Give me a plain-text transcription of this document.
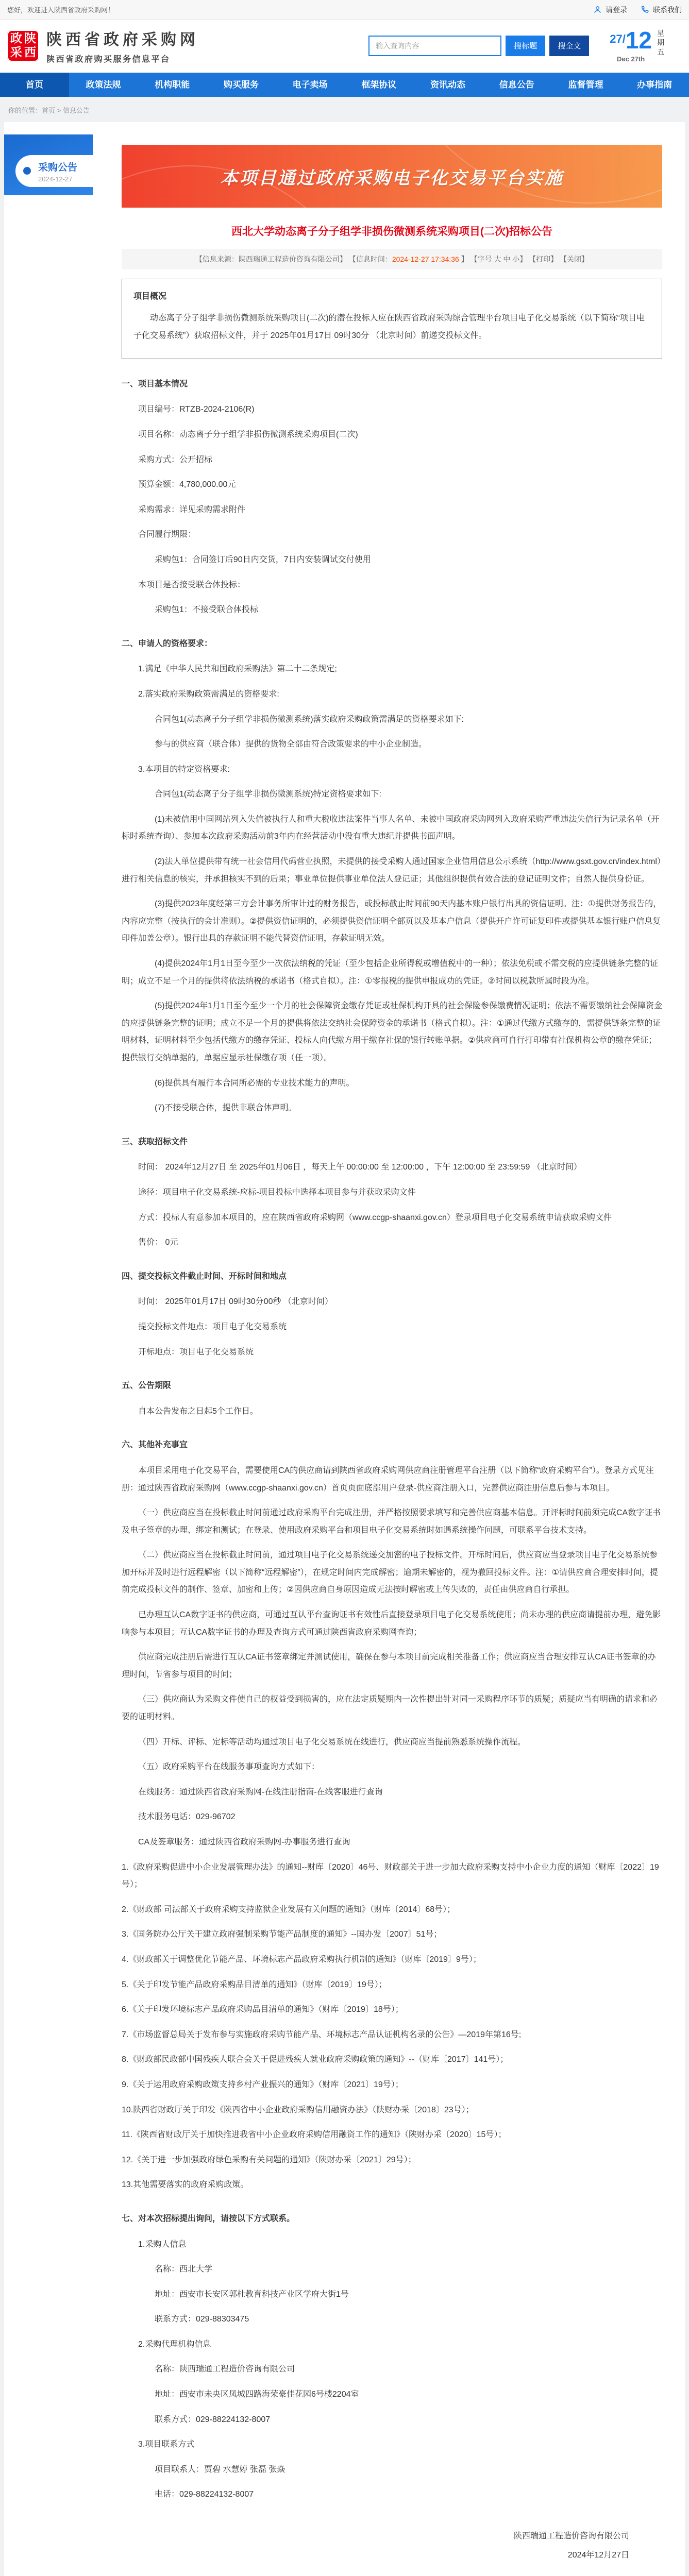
您好，欢迎进入陕西省政府采购网！	请登录	联系我们
政 陕
采 西
陕西省政府采购网
陕西省政府购买服务信息平台
输入查询内容
搜标题	搜全文
27/12
Dec 27th
星期五
首页	政策法规	机构职能	购买服务	电子卖场	框架协议	资讯动态	信息公告	监督管理	办事指南
你的位置：首页 > 信息公告
采购公告
2024-12-27	本项目通过政府采购电子化交易平台实施
西北大学动态离子分子组学非损伤微测系统采购项目(二次)招标公告
【信息来源：陕西瑞通工程造价咨询有限公司】 【信息时间：2024-12-27 17:34:36 】 【字号 大 中 小】 【打印】 【关闭】
项目概况
动态离子分子组学非损伤微测系统采购项目(二次)的潜在投标人应在陕西省政府采购综合管理平台项目电子化交易系统（以下简称“项目电子化交易系统”）获取招标文件，并于 2025年01月17日 09时30分 （北京时间）前递交投标文件。
一、项目基本情况
项目编号：RTZB-2024-2106(R)
项目名称：动态离子分子组学非损伤微测系统采购项目(二次)
采购方式：公开招标
预算金额：4,780,000.00元
采购需求：详见采购需求附件
合同履行期限：
采购包1：合同签订后90日内交货，7日内安装调试交付使用
本项目是否接受联合体投标：
采购包1：不接受联合体投标
二、申请人的资格要求：
1.满足《中华人民共和国政府采购法》第二十二条规定;
2.落实政府采购政策需满足的资格要求:
合同包1(动态离子分子组学非损伤微测系统)落实政府采购政策需满足的资格要求如下:
参与的供应商（联合体）提供的货物全部由符合政策要求的中小企业制造。
3.本项目的特定资格要求:
合同包1(动态离子分子组学非损伤微测系统)特定资格要求如下:
(1)未被信用中国网站列入失信被执行人和重大税收违法案件当事人名单、未被中国政府采购网列入政府采购严重违法失信行为记录名单（开标时系统查询）、参加本次政府采购活动前3年内在经营活动中没有重大违纪并提供书面声明。
(2)法人单位提供带有统一社会信用代码营业执照，未提供的接受采购人通过国家企业信用信息公示系统（http://www.gsxt.gov.cn/index.html）进行相关信息的核实，并承担核实不到的后果；事业单位提供事业单位法人登记证；其他组织提供有效合法的登记证明文件；自然人提供身份证。
(3)提供2023年度经第三方会计事务所审计过的财务报告，或投标截止时间前90天内基本账户银行出具的资信证明。注：①提供财务报告的，内容应完整（按执行的会计准则）。②提供资信证明的，必须提供资信证明全部页以及基本户信息（提供开户许可证复印件或提供基本银行账户信息复印件加盖公章）。银行出具的存款证明不能代替资信证明，存款证明无效。
(4)提供2024年1月1日至今至少一次依法纳税的凭证（至少包括企业所得税或增值税中的一种）；依法免税或不需交税的应提供链条完整的证明；成立不足一个月的提供将依法纳税的承诺书（格式自拟）。注：①零报税的提供申报成功的凭证。②时间以税款所属时段为准。
(5)提供2024年1月1日至今至少一个月的社会保障资金缴存凭证或社保机构开具的社会保险参保缴费情况证明；依法不需要缴纳社会保障资金的应提供链条完整的证明；成立不足一个月的提供将依法交纳社会保障资金的承诺书（格式自拟）。注：①通过代缴方式缴存的，需提供链条完整的证明材料，证明材料至少包括代缴方的缴存凭证、投标人向代缴方用于缴存社保的银行转账单据。②供应商可自行打印带有社保机构公章的缴存凭证；提供银行交纳单据的，单据应显示社保缴存项（任一项）。
(6)提供具有履行本合同所必需的专业技术能力的声明。
(7)不接受联合体，提供非联合体声明。
三、获取招标文件
时间： 2024年12月27日 至 2025年01月06日 ，每天上午 00:00:00 至 12:00:00 ，下午 12:00:00 至 23:59:59 （北京时间）
途径：项目电子化交易系统-应标-项目投标中选择本项目参与并获取采购文件
方式：投标人有意参加本项目的，应在陕西省政府采购网（www.ccgp-shaanxi.gov.cn）登录项目电子化交易系统申请获取采购文件
售价： 0元
四、提交投标文件截止时间、开标时间和地点
时间： 2025年01月17日 09时30分00秒 （北京时间）
提交投标文件地点：项目电子化交易系统
开标地点：项目电子化交易系统
五、公告期限
自本公告发布之日起5个工作日。
六、其他补充事宜
本项目采用电子化交易平台，需要使用CA的供应商请到陕西省政府采购网供应商注册管理平台注册（以下简称“政府采购平台”）。登录方式见注册：通过陕西省政府采购网（www.ccgp-shaanxi.gov.cn）首页页面底部用户登录-供应商注册入口，完善供应商注册信息后参与本项目。
（一）供应商应当在投标截止时间前通过政府采购平台完成注册，并严格按照要求填写和完善供应商基本信息。开评标时间前须完成CA数字证书及电子签章的办理、绑定和测试；在登录、使用政府采购平台和项目电子化交易系统时如遇系统操作问题，可联系平台技术支持。
（二）供应商应当在投标截止时间前，通过项目电子化交易系统递交加密的电子投标文件。开标时间后，供应商应当登录项目电子化交易系统参加开标并及时进行远程解密（以下简称“远程解密”），在规定时间内完成解密；逾期未解密的，视为撤回投标文件。注：①请供应商合理安排时间，提前完成投标文件的制作、签章、加密和上传；②因供应商自身原因造成无法按时解密或上传失败的，责任由供应商自行承担。
已办理互认CA数字证书的供应商，可通过互认平台查询证书有效性后直接登录项目电子化交易系统使用；尚未办理的供应商请提前办理，避免影响参与本项目；互认CA数字证书的办理及查询方式可通过陕西省政府采购网查询；
供应商完成注册后需进行互认CA证书签章绑定并测试使用，确保在参与本项目前完成相关准备工作；供应商应当合理安排互认CA证书签章的办理时间，节省参与项目的时间；
（三）供应商认为采购文件使自己的权益受到损害的，应在法定质疑期内一次性提出针对同一采购程序环节的质疑；质疑应当有明确的请求和必要的证明材料。
（四）开标、评标、定标等活动均通过项目电子化交易系统在线进行，供应商应当提前熟悉系统操作流程。
（五）政府采购平台在线服务事项查询方式如下：
在线服务：通过陕西省政府采购网-在线注册指南-在线客服进行查询
技术服务电话：029-96702
CA及签章服务：通过陕西省政府采购网-办事服务进行查询
1.《政府采购促进中小企业发展管理办法》的通知--财库〔2020〕46号、财政部关于进一步加大政府采购支持中小企业力度的通知（财库〔2022〕19号）；
2.《财政部 司法部关于政府采购支持监狱企业发展有关问题的通知》（财库〔2014〕68号）；
3.《国务院办公厅关于建立政府强制采购节能产品制度的通知》--国办发〔2007〕51号；
4.《财政部关于调整优化节能产品、环境标志产品政府采购执行机制的通知》（财库〔2019〕9号）；
5.《关于印发节能产品政府采购品目清单的通知》（财库〔2019〕19号）；
6.《关于印发环境标志产品政府采购品目清单的通知》（财库〔2019〕18号）；
7.《市场监督总局关于发布参与实施政府采购节能产品、环境标志产品认证机构名录的公告》—2019年第16号;
8.《财政部民政部中国残疾人联合会关于促进残疾人就业政府采购政策的通知》--（财库〔2017〕141号）；
9.《关于运用政府采购政策支持乡村产业振兴的通知》（财库〔2021〕19号）；
10.陕西省财政厅关于印发《陕西省中小企业政府采购信用融资办法》（陕财办采〔2018〕23号）；
11.《陕西省财政厅关于加快推进我省中小企业政府采购信用融资工作的通知》（陕财办采〔2020〕15号）；
12.《关于进一步加强政府绿色采购有关问题的通知》（陕财办采〔2021〕29号）；
13.其他需要落实的政府采购政策。
七、对本次招标提出询问，请按以下方式联系。
1.采购人信息
名称：西北大学
地址：西安市长安区郭杜教育科技产业区学府大街1号
联系方式：029-88303475
2.采购代理机构信息
名称：陕西瑞通工程造价咨询有限公司
地址：西安市未央区凤城四路海荣豪佳花园6号楼2204室
联系方式：029-88224132-8007
3.项目联系方式
项目联系人：贾碧 水慧婷 张磊 张焱
电话：029-88224132-8007
陕西瑞通工程造价咨询有限公司
2024年12月27日
